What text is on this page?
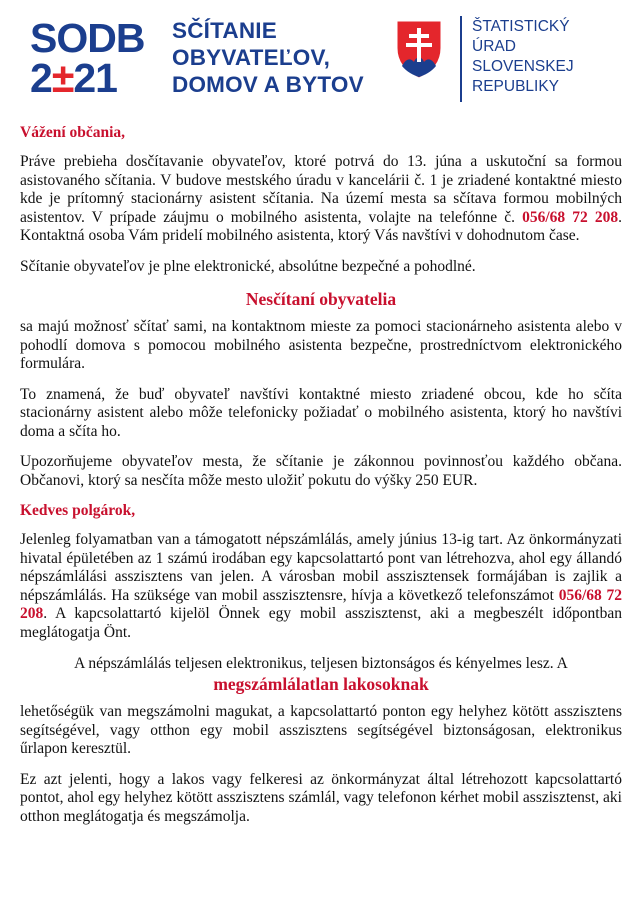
SODB
2±21
SČÍTANIE
OBYVATEĽOV,
DOMOV A BYTOV
ŠTATISTICKÝ
ÚRAD
SLOVENSKEJ
REPUBLIKY
Vážení občania,

Práve prebieha dosčítavanie obyvateľov, ktoré potrvá do 13. júna a uskutoční sa formou asistovaného sčítania. V budove mestského úradu v kancelárii č. 1 je zriadené kontaktné miesto kde je prítomný stacionárny asistent sčítania. Na území mesta sa sčítava formou mobilných asistentov. V prípade záujmu o mobilného asistenta, volajte na telefónne č. 056/68 72 208. Kontaktná osoba Vám pridelí mobilného asistenta, ktorý Vás navštívi v dohodnutom čase.

Sčítanie obyvateľov je plne elektronické, absolútne bezpečné a pohodlné.

Nesčítaní obyvatelia

sa majú možnosť sčítať sami, na kontaktnom mieste za pomoci stacionárneho asistenta alebo v pohodlí domova s pomocou mobilného asistenta bezpečne, prostredníctvom elektronického formulára.

To znamená, že buď obyvateľ navštívi kontaktné miesto zriadené obcou, kde ho sčíta stacionárny asistent alebo môže telefonicky požiadať o mobilného asistenta, ktorý ho navštívi doma a sčíta ho.

Upozorňujeme obyvateľov mesta, že sčítanie je zákonnou povinnosťou každého občana. Občanovi, ktorý sa nesčíta môže mesto uložiť pokutu do výšky 250 EUR.

Kedves polgárok,

Jelenleg folyamatban van a támogatott népszámlálás, amely június 13-ig tart. Az önkormányzati hivatal épületében az 1 számú irodában egy kapcsolattartó pont van létrehozva, ahol egy állandó népszámlálási asszisztens van jelen. A városban mobil asszisztensek formájában is zajlik a népszámlálás. Ha szüksége van mobil asszisztensre, hívja a következő telefonszámot 056/68 72 208. A kapcsolattartó kijelöl Önnek egy mobil asszisztenst, aki a megbeszélt időpontban meglátogatja Önt.

A népszámlálás teljesen elektronikus, teljesen biztonságos és kényelmes lesz. A
megszámlálatlan lakosoknak

lehetőségük van megszámolni magukat, a kapcsolattartó ponton egy helyhez kötött asszisztens segítségével, vagy otthon egy mobil asszisztens segítségével biztonságosan, elektronikus űrlapon keresztül.

Ez azt jelenti, hogy a lakos vagy felkeresi az önkormányzat által létrehozott kapcsolattartó pontot, ahol egy helyhez kötött asszisztens számlál, vagy telefonon kérhet mobil asszisztenst, aki otthon meglátogatja és megszámolja.
